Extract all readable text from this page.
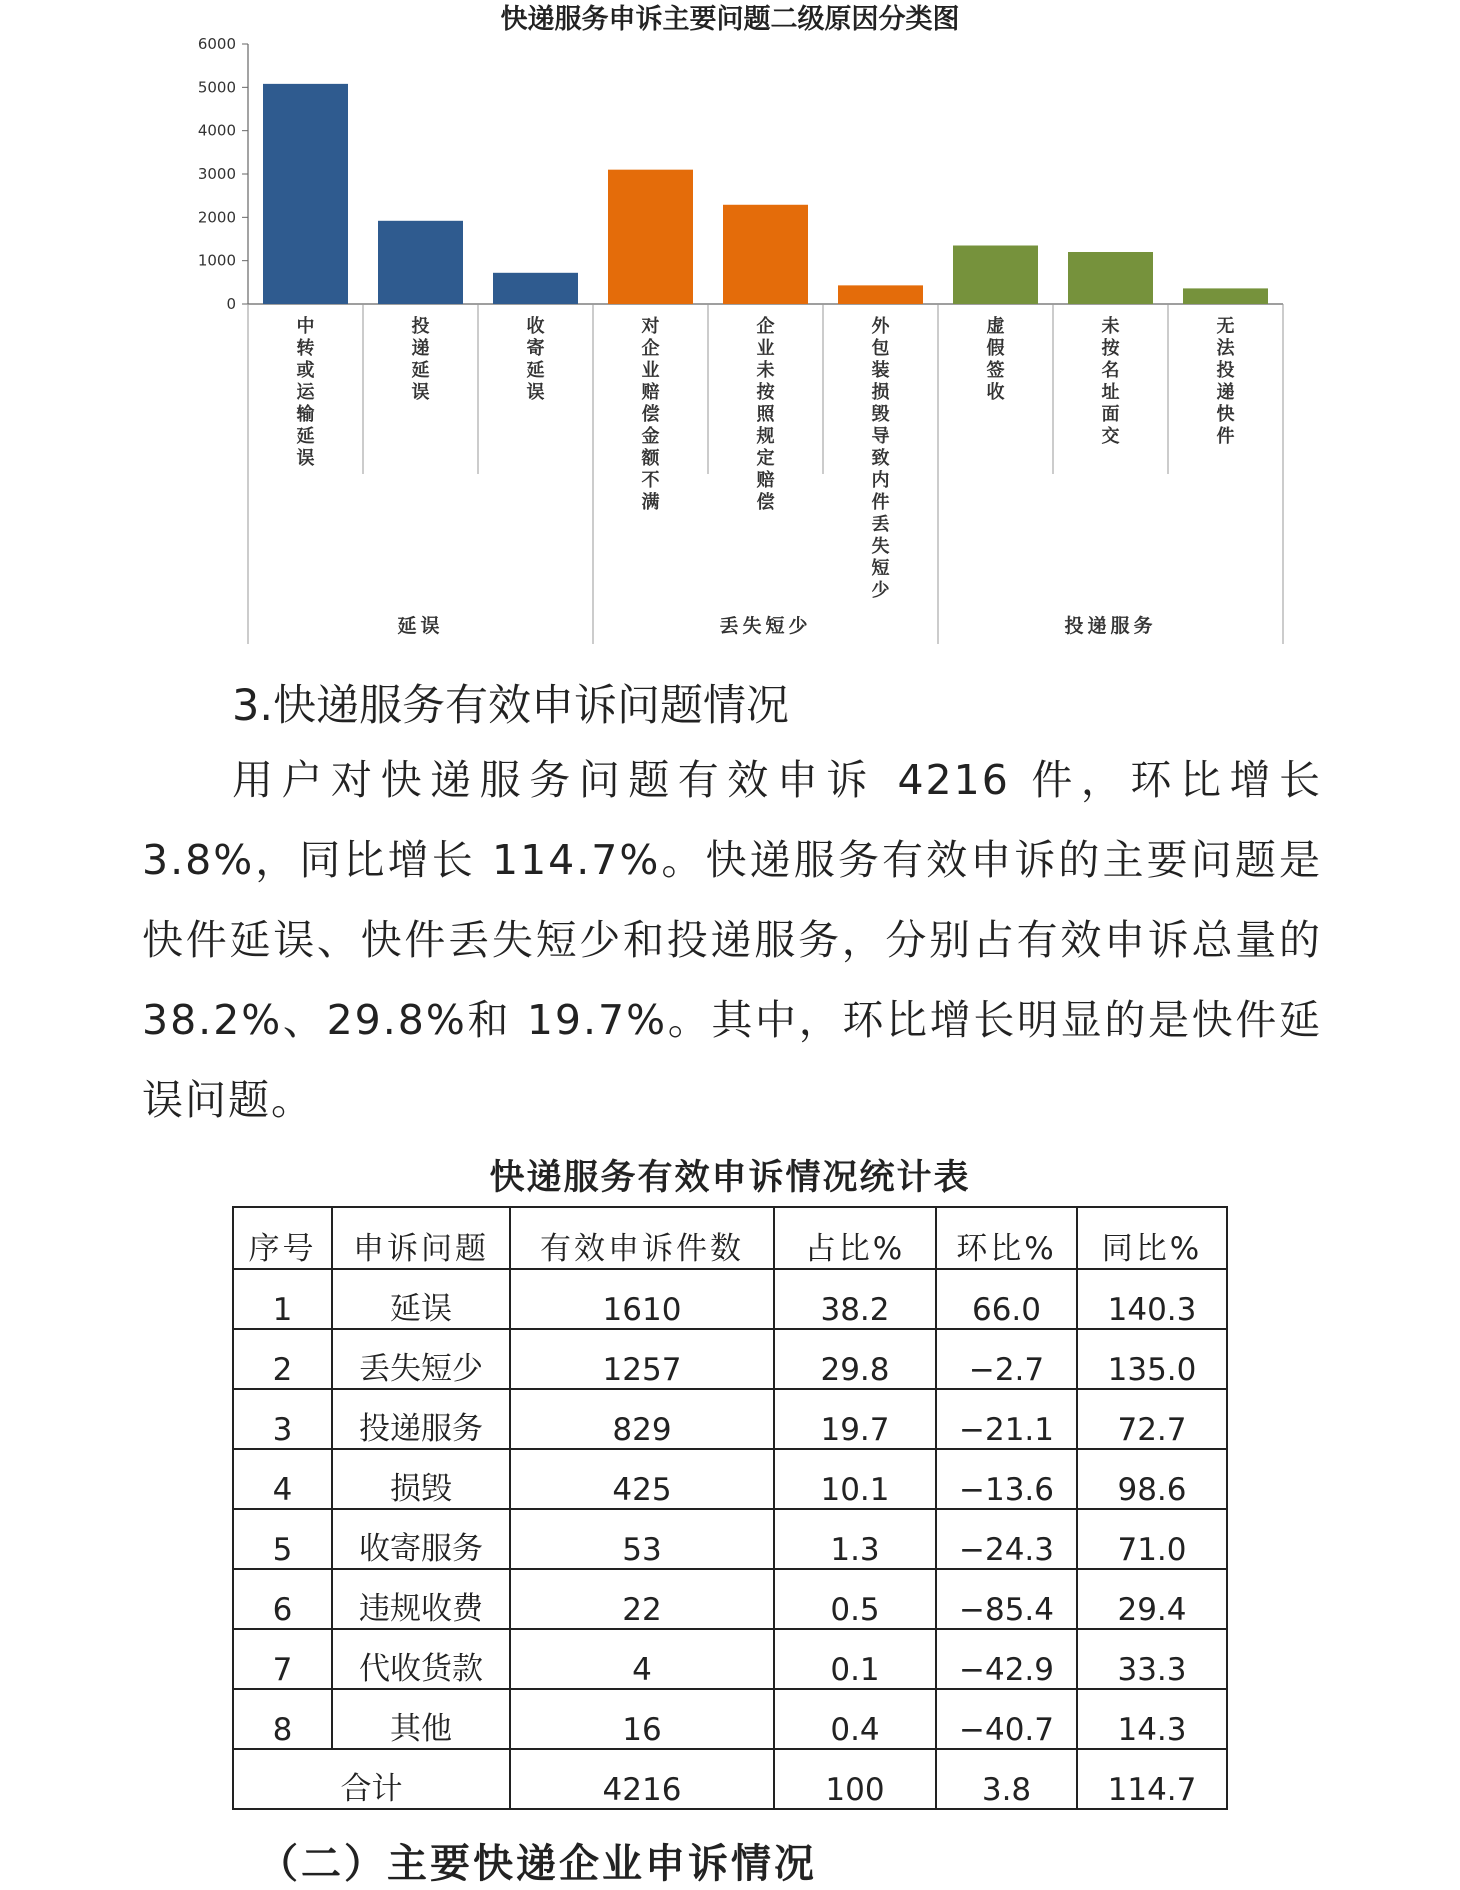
快递服务申诉主要问题二级原因分类图
0
1000
2000
3000
4000
5000
6000
中
转
或
运
输
延
误
投
递
延
误
收
寄
延
误
对
企
业
赔
偿
金
额
不
满
企
业
未
按
照
规
定
赔
偿
外
包
装
损
毁
导
致
内
件
丢
失
短
少
虚
假
签
收
未
按
名
址
面
交
无
法
投
递
快
件
延误	丢失短少	投递服务
3.快递服务有效申诉问题情况

用户对快递服务问题有效申诉 4216 件，环比增长 3.8%，同比增长 114.7%。快递服务有效申诉的主要问题是快件延误、快件丢失短少和投递服务，分别占有效申诉总量的 38.2%、29.8%和 19.7%。其中，环比增长明显的是快件延误问题。

快递服务有效申诉情况统计表
序号	申诉问题	有效申诉件数	占比%	环比%	同比%
1	延误	1610	38.2	66.0	140.3
2	丢失短少	1257	29.8	−2.7	135.0
3	投递服务	829	19.7	−21.1	72.7
4	损毁	425	10.1	−13.6	98.6
5	收寄服务	53	1.3	−24.3	71.0
6	违规收费	22	0.5	−85.4	29.4
7	代收货款	4	0.1	−42.9	33.3
8	其他	16	0.4	−40.7	14.3
合计		4216	100	3.8	114.7
（二）主要快递企业申诉情况
